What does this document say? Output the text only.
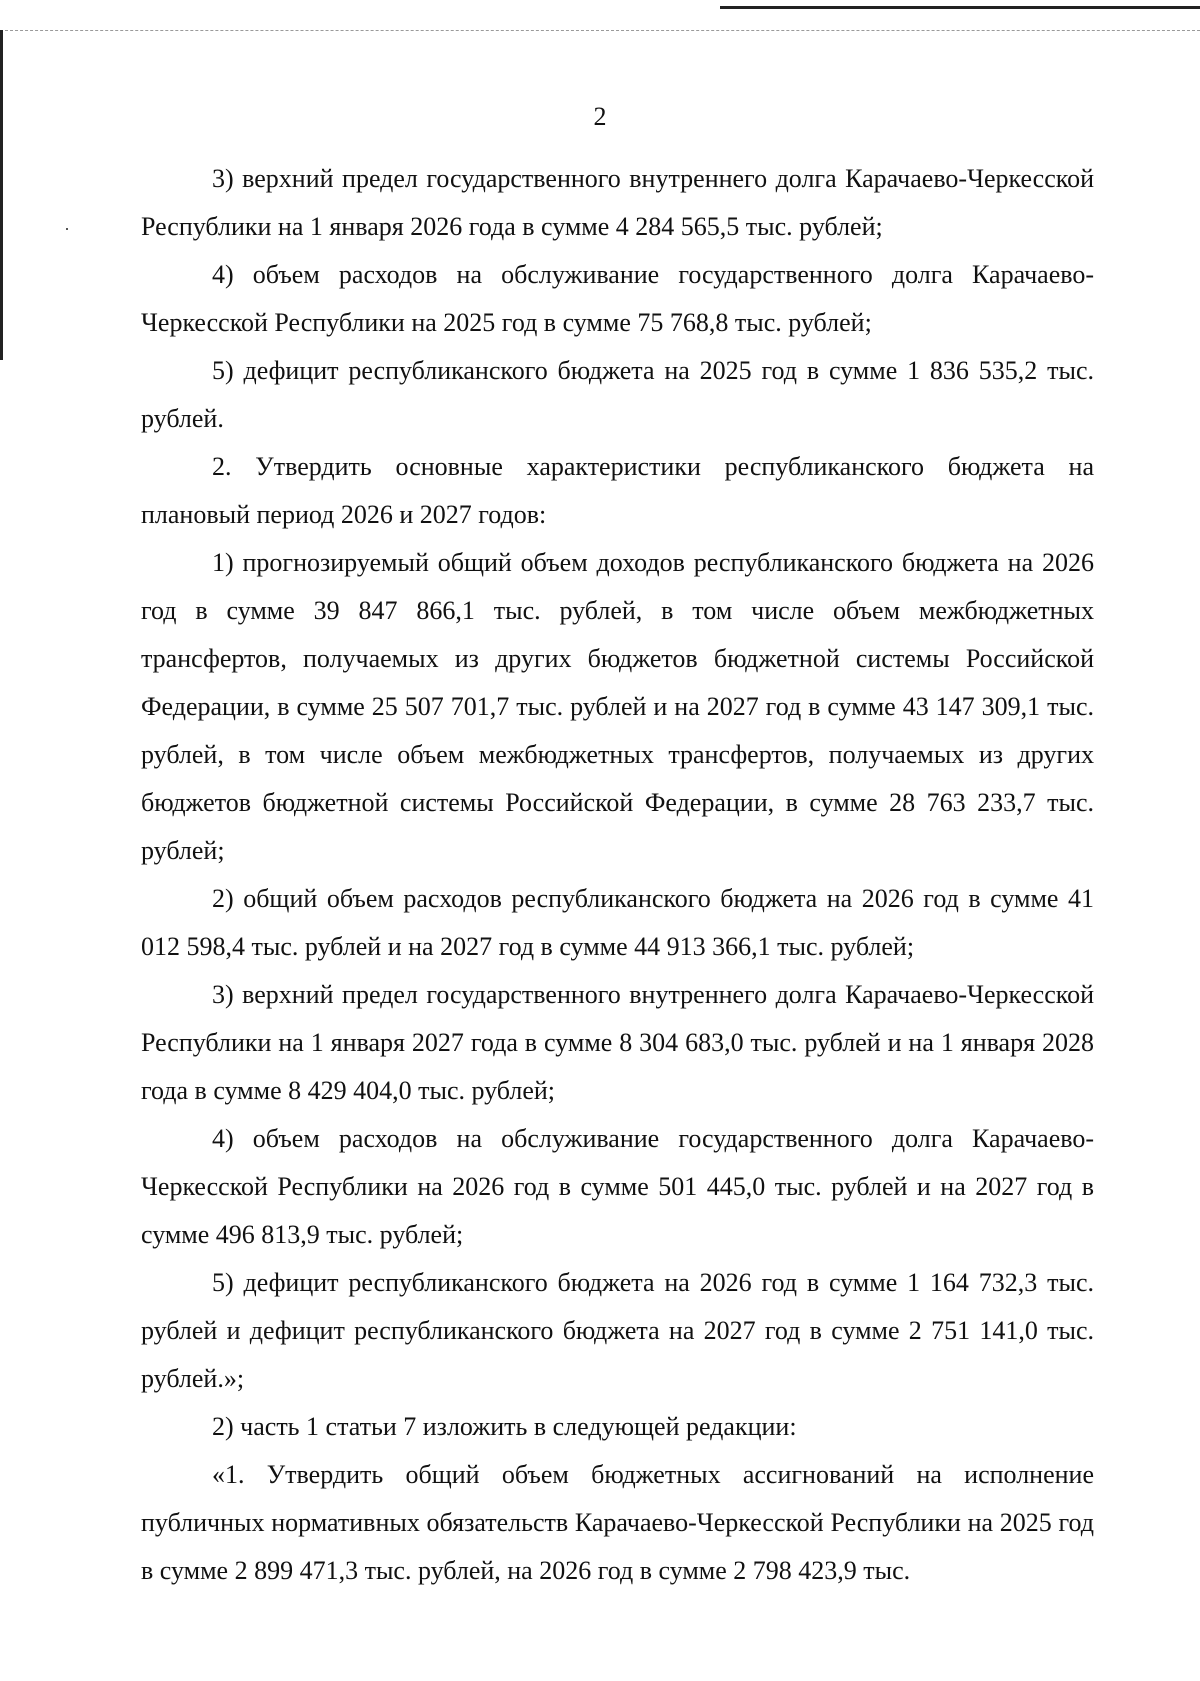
2

3) верхний предел государственного внутреннего долга Карачаево-Черкесской Республики на 1 января 2026 года в сумме 4 284 565,5 тыс. рублей;

4) объем расходов на обслуживание государственного долга Карачаево-Черкесской Республики на 2025 год в сумме 75 768,8 тыс. рублей;

5) дефицит республиканского бюджета на 2025 год в сумме 1 836 535,2 тыс. рублей.

2. Утвердить основные характеристики республиканского бюджета на плановый период 2026 и 2027 годов:

1) прогнозируемый общий объем доходов республиканского бюджета на 2026 год в сумме 39 847 866,1 тыс. рублей, в том числе объем межбюджетных трансфертов, получаемых из других бюджетов бюджетной системы Российской Федерации, в сумме 25 507 701,7 тыс. рублей и на 2027 год в сумме 43 147 309,1 тыс. рублей, в том числе объем межбюджетных трансфертов, получаемых из других бюджетов бюджетной системы Российской Федерации, в сумме 28 763 233,7 тыс. рублей;

2) общий объем расходов республиканского бюджета на 2026 год в сумме 41 012 598,4 тыс. рублей и на 2027 год в сумме 44 913 366,1 тыс. рублей;

3) верхний предел государственного внутреннего долга Карачаево-Черкесской Республики на 1 января 2027 года в сумме 8 304 683,0 тыс. рублей и на 1 января 2028 года в сумме 8 429 404,0 тыс. рублей;

4) объем расходов на обслуживание государственного долга Карачаево-Черкесской Республики на 2026 год в сумме 501 445,0 тыс. рублей и на 2027 год в сумме 496 813,9 тыс. рублей;

5) дефицит республиканского бюджета на 2026 год в сумме 1 164 732,3 тыс. рублей и дефицит республиканского бюджета на 2027 год в сумме 2 751 141,0 тыс. рублей.»;

2) часть 1 статьи 7 изложить в следующей редакции:

«1. Утвердить общий объем бюджетных ассигнований на исполнение публичных нормативных обязательств Карачаево-Черкесской Республики на 2025 год в сумме 2 899 471,3 тыс. рублей, на 2026 год в сумме 2 798 423,9 тыс.
